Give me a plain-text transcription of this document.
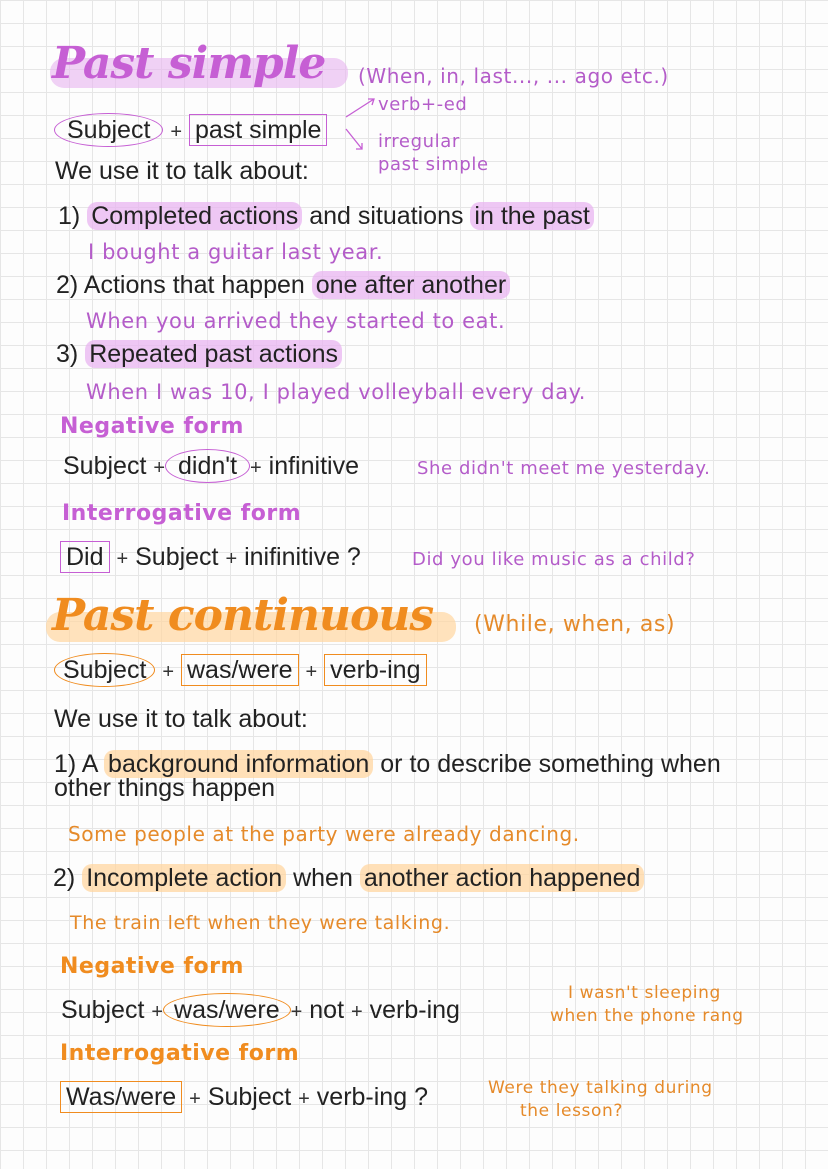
Past simple (When, in, last..., ... ago etc.)
Subject + past simple
verb+-ed
irregular
past simple
We use it to talk about:
1) Completed actions and situations in the past
I bought a guitar last year.
2) Actions that happen one after another
When you arrived they started to eat.
3) Repeated past actions
When I was 10, I played volleyball every day.
Negative form
Subject + didn't + infinitive	She didn't meet me yesterday.
Interrogative form
Did + Subject + inifinitive ?	Did you like music as a child?
Past continuous (While, when, as)
Subject + was/were + verb-ing
We use it to talk about:
1) A background information or to describe something when
other things happen
Some people at the party were already dancing.
2) Incomplete action when another action happened
The train left when they were talking.
Negative form
Subject + was/were + not + verb-ing
I wasn't sleeping
when the phone rang
Interrogative form
Was/were + Subject + verb-ing ?	Were they talking during
the lesson?
